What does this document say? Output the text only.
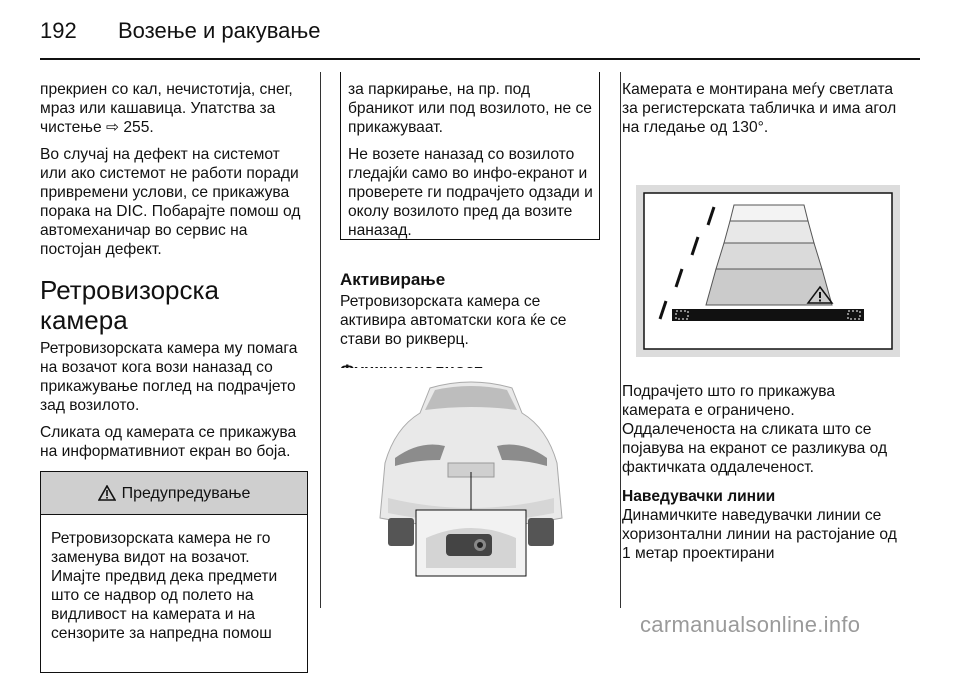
192 Возење и ракување

прекриен со кал, нечистотија, снег, мраз или кашавица. Упатства за чистење ⇨ 255.

Во случај на дефект на системот или ако системот не работи поради привремени услови, се прикажува порака на DIC. Побарајте помош од автомеханичар во сервис на постојан дефект.

Ретровизорска камера

Ретровизорската камера му помага на возачот кога вози наназад со прикажување поглед на подрачјето зад возилото.

Сликата од камерата се прикажува на информативниот екран во боја.

Предупредување
Ретровизорската камера не го заменува видот на возачот. Имајте предвид дека предмети што се надвор од полето на видливост на камерата и на сензорите за напредна помош

за паркирање, на пр. под браникот или под возилото, не се прикажуваат.

Не возете наназад со возилото гледајќи само во инфо-екранот и проверете ги подрачјето одзади и околу возилото пред да возите наназад.

Активирање

Ретровизорската камера се активира автоматски кога ќе се стави во рикверц.

Камерата е монтирана меѓу светлата за регистерската табличка и има агол на гледање од 130°.

Подрачјето што го прикажува камерата е ограничено. Оддалеченоста на сликата што се појавува на екранот се разликува од фактичката оддалеченост.

Наведувачки линии

Динамичките наведувачки линии се хоризонтални линии на растојание од 1 метар проектирани

carmanualsonline.info
